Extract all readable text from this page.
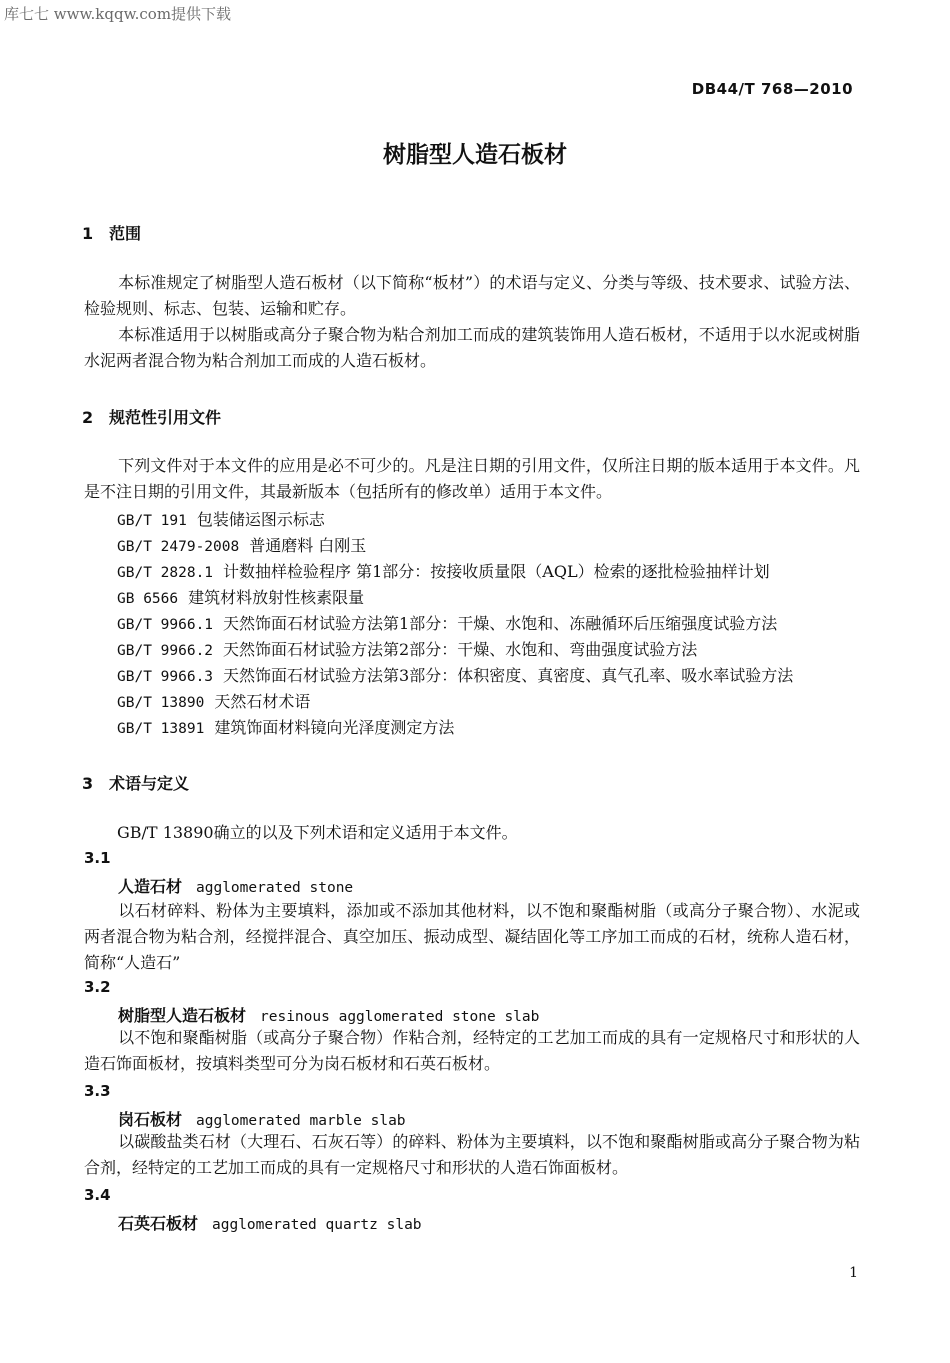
库七七 www.kqqw.com提供下载
DB44/T 768—2010
树脂型人造石板材
1 范围
本标准规定了树脂型人造石板材（以下简称“板材”）的术语与定义、分类与等级、技术要求、试验方法、检验规则、标志、包装、运输和贮存。
本标准适用于以树脂或高分子聚合物为粘合剂加工而成的建筑装饰用人造石板材，不适用于以水泥或树脂水泥两者混合物为粘合剂加工而成的人造石板材。
2 规范性引用文件
下列文件对于本文件的应用是必不可少的。凡是注日期的引用文件，仅所注日期的版本适用于本文件。凡是不注日期的引用文件，其最新版本（包括所有的修改单）适用于本文件。
GB/T 191 包装储运图示标志
GB/T 2479-2008 普通磨料 白刚玉
GB/T 2828.1 计数抽样检验程序 第1部分：按接收质量限（AQL）检索的逐批检验抽样计划
GB 6566 建筑材料放射性核素限量
GB/T 9966.1 天然饰面石材试验方法第1部分：干燥、水饱和、冻融循环后压缩强度试验方法
GB/T 9966.2 天然饰面石材试验方法第2部分：干燥、水饱和、弯曲强度试验方法
GB/T 9966.3 天然饰面石材试验方法第3部分：体积密度、真密度、真气孔率、吸水率试验方法
GB/T 13890 天然石材术语
GB/T 13891 建筑饰面材料镜向光泽度测定方法
3 术语与定义
GB/T 13890确立的以及下列术语和定义适用于本文件。
3.1
人造石材 agglomerated stone
以石材碎料、粉体为主要填料，添加或不添加其他材料，以不饱和聚酯树脂（或高分子聚合物）、水泥或两者混合物为粘合剂，经搅拌混合、真空加压、振动成型、凝结固化等工序加工而成的石材，统称人造石材，简称“人造石”
3.2
树脂型人造石板材 resinous agglomerated stone slab
以不饱和聚酯树脂（或高分子聚合物）作粘合剂，经特定的工艺加工而成的具有一定规格尺寸和形状的人造石饰面板材，按填料类型可分为岗石板材和石英石板材。
3.3
岗石板材 agglomerated marble slab
以碳酸盐类石材（大理石、石灰石等）的碎料、粉体为主要填料，以不饱和聚酯树脂或高分子聚合物为粘合剂，经特定的工艺加工而成的具有一定规格尺寸和形状的人造石饰面板材。
3.4
石英石板材 agglomerated quartz slab
1
